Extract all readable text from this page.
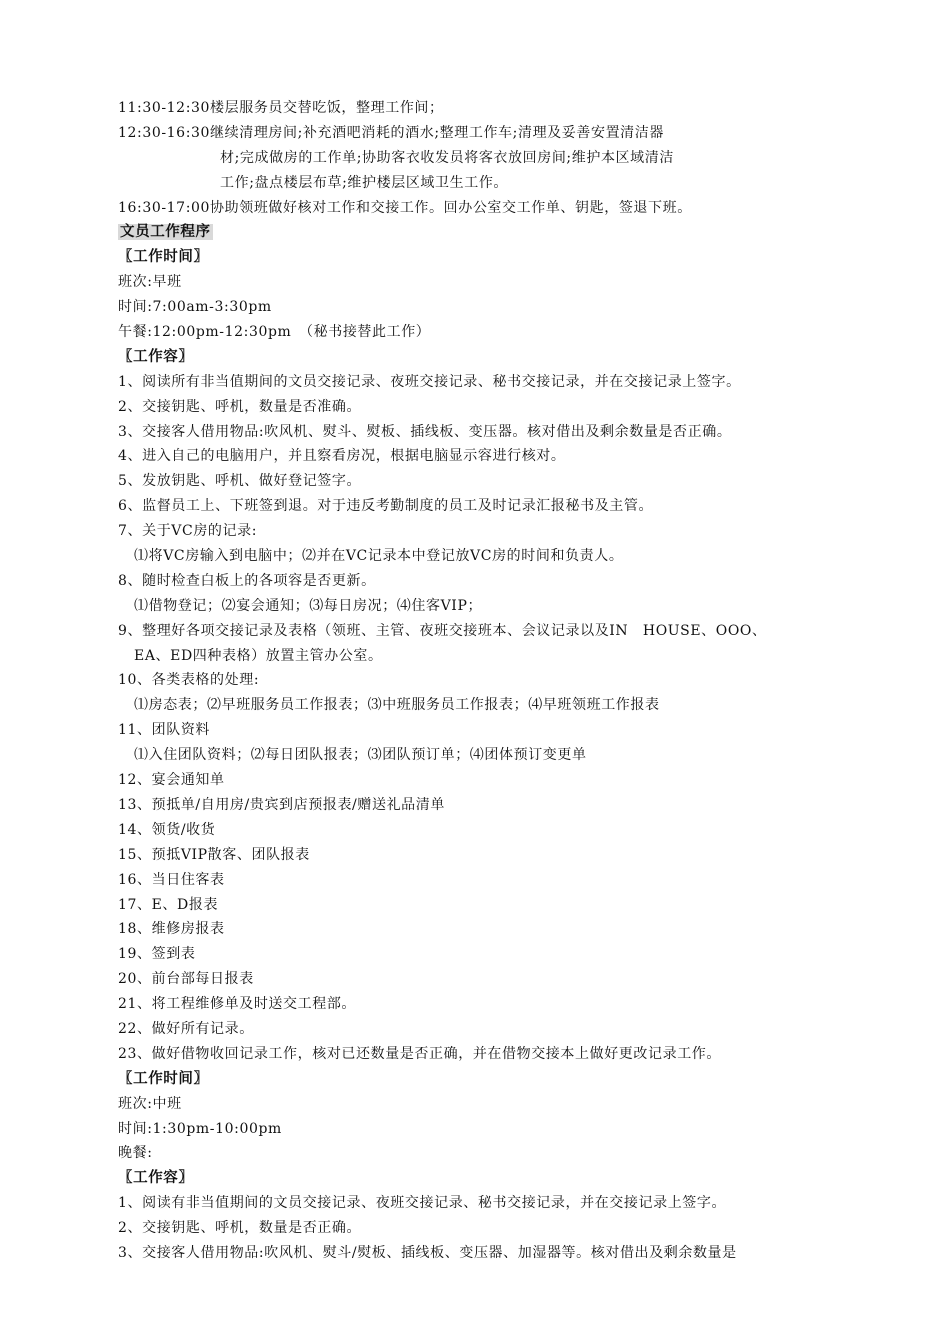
11:30-12:30楼层服务员交替吃饭，整理工作间；
12:30-16:30继续清理房间;补充酒吧消耗的酒水;整理工作车;清理及妥善安置清洁器
材;完成做房的工作单;协助客衣收发员将客衣放回房间;维护本区域清洁
工作;盘点楼层布草;维护楼层区域卫生工作。
16:30-17:00协助领班做好核对工作和交接工作。回办公室交工作单、钥匙，签退下班。
文员工作程序
〖工作时间〗
班次:早班
时间:7:00am-3:30pm
午餐:12:00pm-12:30pm　（秘书接替此工作）
〖工作容〗
1、阅读所有非当值期间的文员交接记录、夜班交接记录、秘书交接记录，并在交接记录上签字。
2、交接钥匙、呼机，数量是否准确。
3、交接客人借用物品:吹风机、熨斗、熨板、插线板、变压器。核对借出及剩余数量是否正确。
4、进入自己的电脑用户，并且察看房况，根据电脑显示容进行核对。
5、发放钥匙、呼机、做好登记签字。
6、监督员工上、下班签到退。对于违反考勤制度的员工及时记录汇报秘书及主管。
7、关于VC房的记录:
⑴将VC房输入到电脑中；⑵并在VC记录本中登记放VC房的时间和负责人。
8、随时检查白板上的各项容是否更新。
⑴借物登记；⑵宴会通知；⑶每日房况；⑷住客VIP；
9、整理好各项交接记录及表格（领班、主管、夜班交接班本、会议记录以及IN　HOUSE、OOO、
EA、ED四种表格）放置主管办公室。
10、各类表格的处理:
⑴房态表；⑵早班服务员工作报表；⑶中班服务员工作报表；⑷早班领班工作报表
11、团队资料
⑴入住团队资料；⑵每日团队报表；⑶团队预订单；⑷团体预订变更单
12、宴会通知单
13、预抵单/自用房/贵宾到店预报表/赠送礼品清单
14、领货/收货
15、预抵VIP散客、团队报表
16、当日住客表
17、E、D报表
18、维修房报表
19、签到表
20、前台部每日报表
21、将工程维修单及时送交工程部。
22、做好所有记录。
23、做好借物收回记录工作，核对已还数量是否正确，并在借物交接本上做好更改记录工作。
〖工作时间〗
班次:中班
时间:1:30pm-10:00pm
晚餐:
〖工作容〗
1、阅读有非当值期间的文员交接记录、夜班交接记录、秘书交接记录，并在交接记录上签字。
2、交接钥匙、呼机，数量是否正确。
3、交接客人借用物品:吹风机、熨斗/熨板、插线板、变压器、加湿器等。核对借出及剩余数量是
